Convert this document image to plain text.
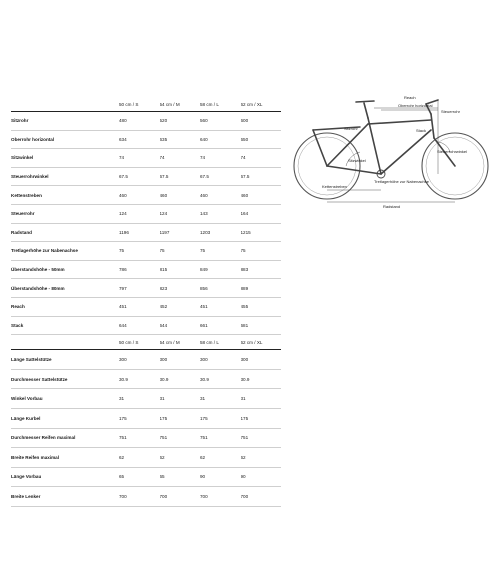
	50 cm / S	54 cm / M	58 cm / L	62 cm / XL
Sitzrohr	480	520	560	600
Oberrohr horizontal	634	635	640	650
Sitzwinkel	74	74	74	74
Steuerrohrwinkel	67.5	67.5	67.5	67.5
Kettenstreben	460	460	460	460
Steuerrohr	124	124	143	164
Radstand	1196	1197	1203	1215
Tretlagerhöhe zur Nabenachse	75	75	75	75
Überstandshöhe - 50mm	786	815	849	883
Überstandshöhe - 80mm	797	823	856	889
Reach	451	452	451	455
Stack	644	644	661	681
	50 cm / S	54 cm / M	58 cm / L	62 cm / XL
Länge Sattelstütze	300	300	300	300
Durchmesser Sattelstütze	30.9	30.9	30.9	30.9
Winkel Vorbau	31	31	31	31
Länge Kurbel	175	175	175	175
Durchmesser Reifen maximal	751	751	751	751
Breite Reifen maximal	62	62	62	62
Länge Vorbau	65	65	90	90
Breite Lenker	700	700	700	700
Reach
Oberrohr horizontal
Steuerrohr
Sitzrohr	Stack
Steuerrohrwinkel
Sitzwinkel
Kettenstreben
Tretlagerhöhe zur Nabenachse
Radstand
